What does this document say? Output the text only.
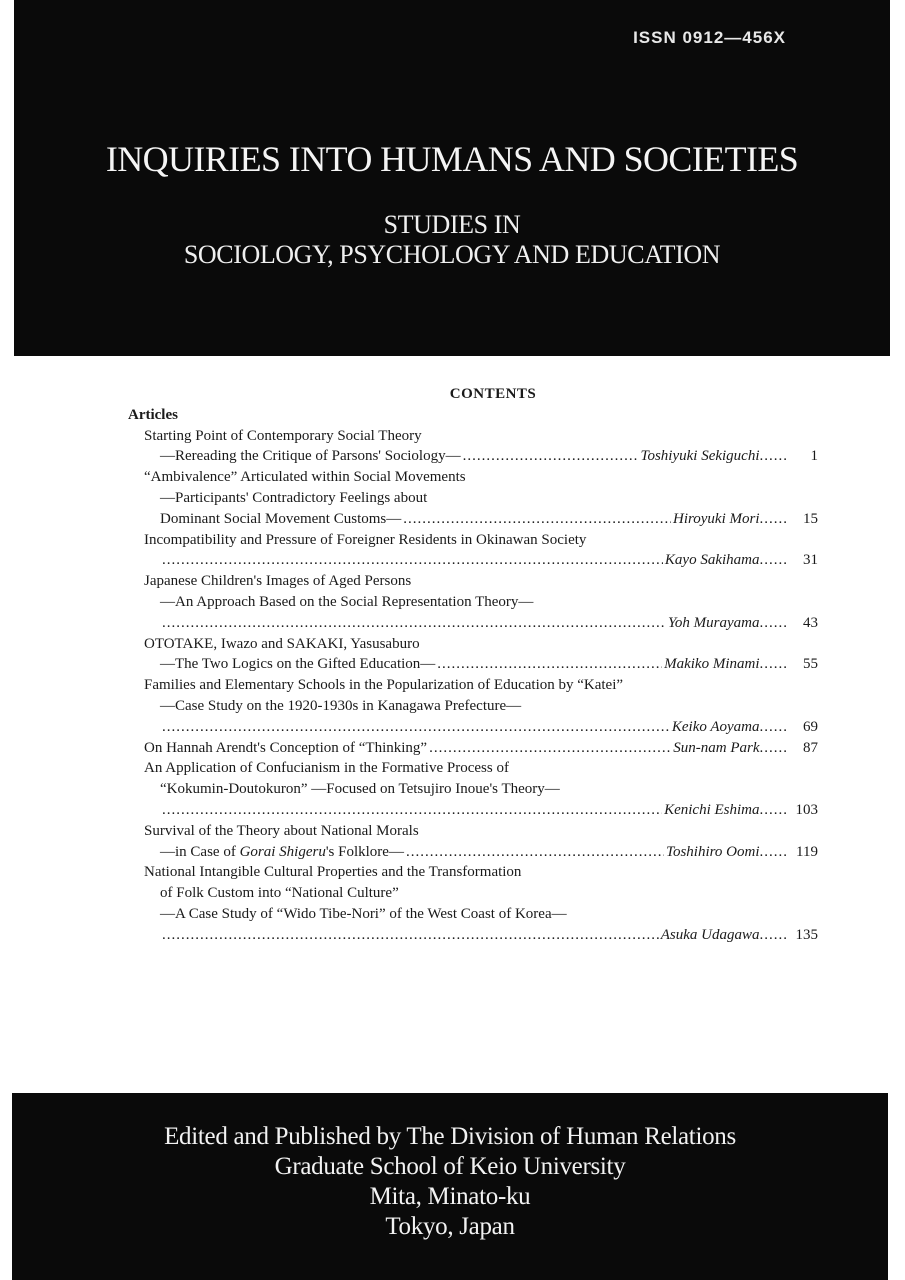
ISSN 0912—456X
INQUIRIES INTO HUMANS AND SOCIETIES
STUDIES IN
SOCIOLOGY, PSYCHOLOGY AND EDUCATION
CONTENTS
Articles
Starting Point of Contemporary Social Theory
—Rereading the Critique of Parsons' Sociology— .....	Toshiyuki Sekiguchi ......	1
“Ambivalence” Articulated within Social Movements
—Participants' Contradictory Feelings about
Dominant Social Movement Customs— .....	Hiroyuki Mori ......	15
Incompatibility and Pressure of Foreigner Residents in Okinawan Society
.....
Kayo Sakihama ......	31
Japanese Children's Images of Aged Persons
—An Approach Based on the Social Representation Theory—
.....
Yoh Murayama ......	43
OTOTAKE, Iwazo and SAKAKI, Yasusaburo
—The Two Logics on the Gifted Education— .....	Makiko Minami ......	55
Families and Elementary Schools in the Popularization of Education by “Katei”
—Case Study on the 1920-1930s in Kanagawa Prefecture—
.....
Keiko Aoyama ......	69
On Hannah Arendt's Conception of “Thinking” .....	Sun-nam Park ......	87
An Application of Confucianism in the Formative Process of
“Kokumin-Doutokuron” —Focused on Tetsujiro Inoue's Theory—
.....
Kenichi Eshima ...... 103
Survival of the Theory about National Morals
—in Case of Gorai Shigeru's Folklore— .....	Toshihiro Oomi ...... 119
National Intangible Cultural Properties and the Transformation
of Folk Custom into “National Culture”
—A Case Study of “Wido Tibe-Nori” of the West Coast of Korea—
.....
Asuka Udagawa ...... 135
Edited and Published by The Division of Human Relations
Graduate School of Keio University
Mita, Minato-ku
Tokyo, Japan
